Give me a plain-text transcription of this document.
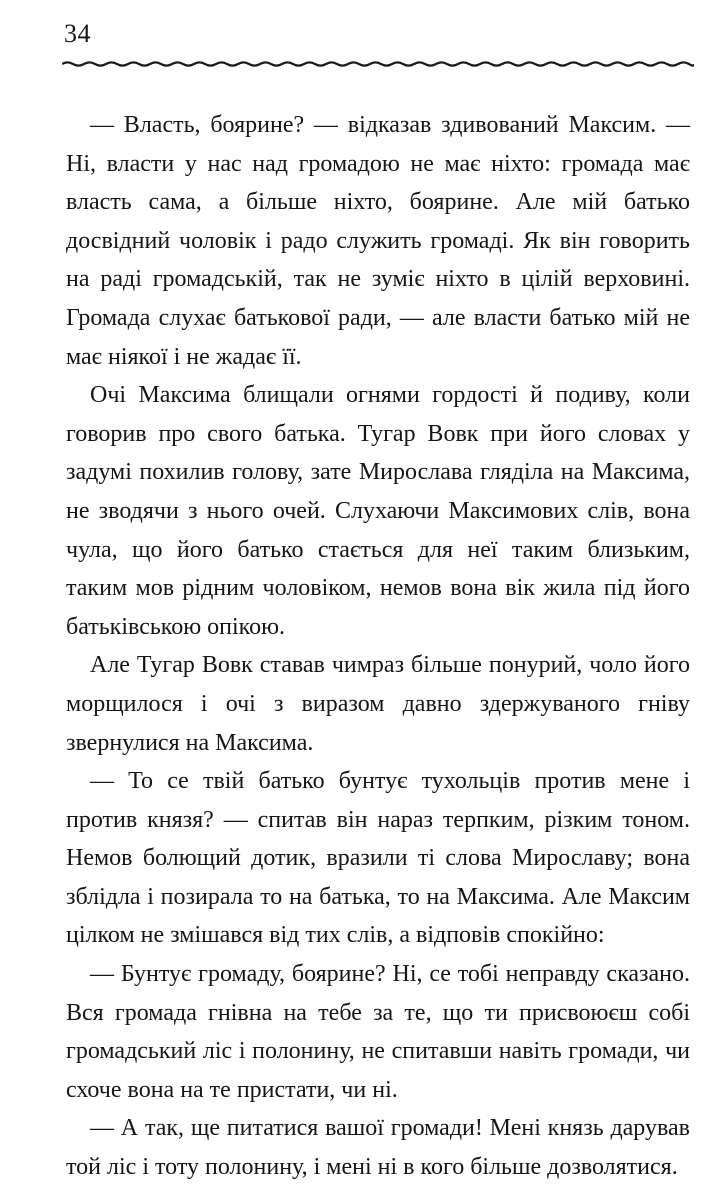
34

— Власть, боярине? — відказав здивований Максим. — Ні, власти у нас над громадою не має ніхто: громада має власть сама, а більше ніхто, боярине. Але мій батько досвідний чоловік і радо служить громаді. Як він говорить на раді громадській, так не зуміє ніхто в цілій верховині. Громада слухає батькової ради, — але власти батько мій не має ніякої і не жадає її.

Очі Максима блищали огнями гордості й подиву, коли говорив про свого батька. Тугар Вовк при його словах у задумі похилив голову, зате Мирослава гляділа на Максима, не зводячи з нього очей. Слухаючи Максимових слів, вона чула, що його батько стається для неї таким близьким, таким мов рідним чоловіком, немов вона вік жила під його батьківською опікою.

Але Тугар Вовк ставав чимраз більше понурий, чоло його морщилося і очі з виразом давно здержуваного гніву звернулися на Максима.

— То се твій батько бунтує тухольців против мене і против князя? — спитав він нараз терпким, різким тоном. Немов болющий дотик, вразили ті слова Мирославу; вона зблідла і позирала то на батька, то на Максима. Але Максим цілком не змішався від тих слів, а відповів спокійно:

— Бунтує громаду, боярине? Ні, се тобі неправду сказано. Вся громада гнівна на тебе за те, що ти присвоюєш собі громадський ліс і полонину, не спитавши навіть громади, чи схоче вона на те пристати, чи ні.

— А так, ще питатися вашої громади! Мені князь дарував той ліс і тоту полонину, і мені ні в кого більше дозволятися.
